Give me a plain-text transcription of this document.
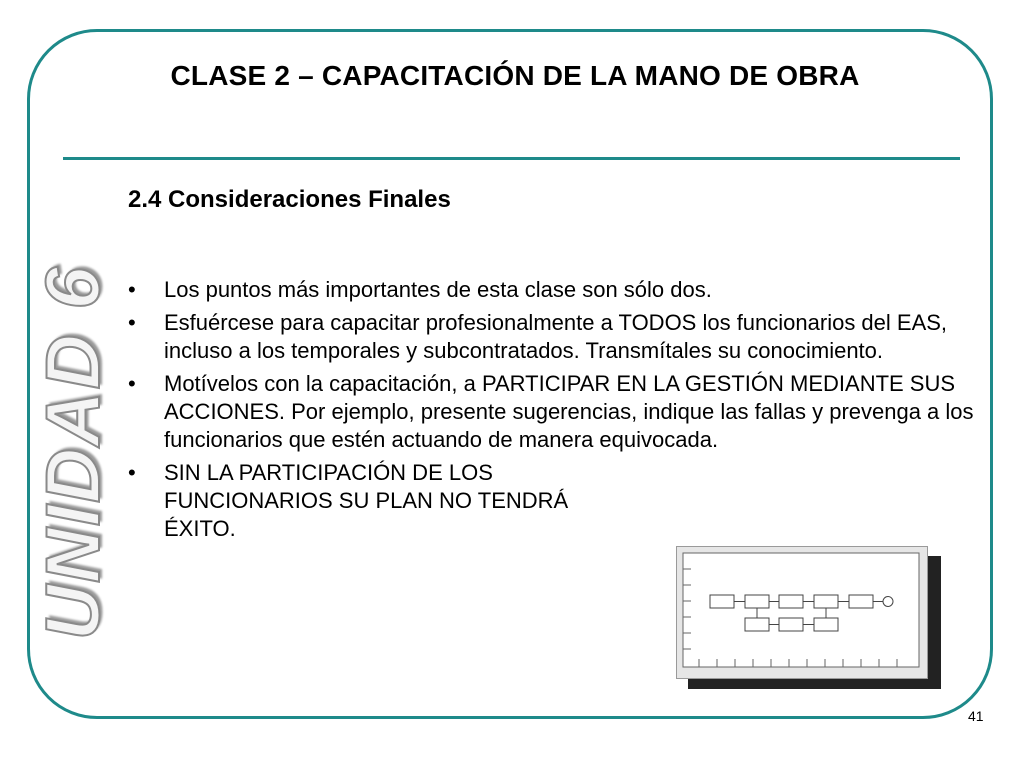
CLASE 2 – CAPACITACIÓN DE LA MANO DE OBRA
2.4 Consideraciones Finales
UNIDAD 6 • Los puntos más importantes de esta clase son sólo dos.
• Esfuércese para capacitar profesionalmente a TODOS los funcionarios del EAS, incluso a los temporales y subcontratados. Transmítales su conocimiento.
• Motívelos con la capacitación, a PARTICIPAR EN LA GESTIÓN MEDIANTE SUS ACCIONES. Por ejemplo, presente sugerencias, indique las fallas y prevenga a los funcionarios que estén actuando de manera equivocada.
• SIN LA PARTICIPACIÓN DE LOS FUNCIONARIOS SU PLAN NO TENDRÁ ÉXITO.
41
